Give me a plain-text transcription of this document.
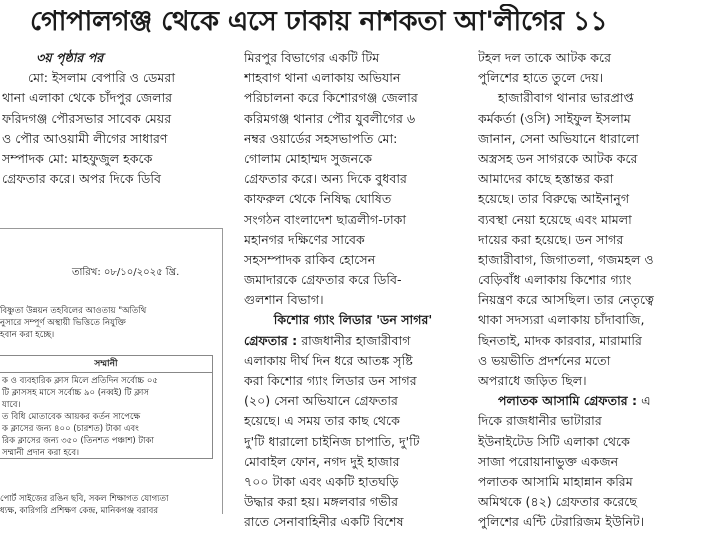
গোপালগঞ্জ থেকে এসে ঢাকায় নাশকতা আ'লীগের ১১
৩য় পৃষ্ঠার পর
মো: ইসলাম বেপারি ও ডেমরা
থানা এলাকা থেকে চাঁদপুর জেলার
ফরিদগঞ্জ পৌরসভার সাবেক মেয়র
ও পৌর আওয়ামী লীগের সাধারণ
সম্পাদক মো: মাহফুজুল হককে
গ্রেফতার করে। অপর দিকে ডিবি
তারিখ: ০৮/১০/২০২৫ খ্রি.
বিষ্ণুতা উন্নয়ন তহবিলের আওতায় "অতিথি
নুসারে সম্পূর্ণ অস্থায়ী ভিত্তিতে নিযুক্তি
হবান করা হচ্ছে।
সম্মানী
ক ও ব্যবহারিক ক্লাস মিলে প্রতিদিন সর্বোচ্চ ০৫
টি ক্লাসসহ মাসে সর্বোচ্চ ৯০ (নব্বই) টি ক্লাস
যাবে।
ত বিধি মোতাবেক আয়কর কর্তন সাপেক্ষে
ক ক্লাসের জন্য ৪০০ (চারশত) টাকা এবং
রিক ক্লাসের জন্য ৩৫০ (তিনশত পঞ্চাশ) টাকা
সম্মানী প্রদান করা হবে।
পোর্ট সাইজের রঙিন ছবি, সকল শিক্ষাগত যোগ্যতা
ধ্যক্ষ, কারিগরি প্রশিক্ষণ কেন্দ্র, মানিকগঞ্জ বরাবর
মিরপুর বিভাগের একটি টিম
শাহবাগ থানা এলাকায় অভিযান
পরিচালনা করে কিশোরগঞ্জ জেলার
করিমগঞ্জ থানার পৌর যুবলীগের ৬
নম্বর ওয়ার্ডের সহসভাপতি মো:
গোলাম মোহাম্মদ সুজনকে
গ্রেফতার করে। অন্য দিকে বুধবার
কাফরুল থেকে নিষিদ্ধ ঘোষিত
সংগঠন বাংলাদেশ ছাত্রলীগ-ঢাকা
মহানগর দক্ষিণের সাবেক
সহসম্পাদক রাকিব হোসেন
জমাদারকে গ্রেফতার করে ডিবি-
গুলশান বিভাগ।
কিশোর গ্যাং লিডার 'ডন সাগর'
গ্রেফতার : রাজধানীর হাজারীবাগ
এলাকায় দীর্ঘ দিন ধরে আতঙ্ক সৃষ্টি
করা কিশোর গ্যাং লিডার ডন সাগর
(২০) সেনা অভিযানে গ্রেফতার
হয়েছে। এ সময় তার কাছ থেকে
দু'টি ধারালো চাইনিজ চাপাতি, দু'টি
মোবাইল ফোন, নগদ দুই হাজার
৭০০ টাকা এবং একটি হাতঘড়ি
উদ্ধার করা হয়। মঙ্গলবার গভীর
রাতে সেনাবাহিনীর একটি বিশেষ
টহল দল তাকে আটক করে
পুলিশের হাতে তুলে দেয়।
হাজারীবাগ থানার ভারপ্রাপ্ত
কর্মকর্তা (ওসি) সাইফুল ইসলাম
জানান, সেনা অভিযানে ধারালো
অস্ত্রসহ ডন সাগরকে আটক করে
আমাদের কাছে হস্তান্তর করা
হয়েছে। তার বিরুদ্ধে আইনানুগ
ব্যবস্থা নেয়া হয়েছে এবং মামলা
দায়ের করা হয়েছে। ডন সাগর
হাজারীবাগ, জিগাতলা, গজমহল ও
বেড়িবাঁধ এলাকায় কিশোর গ্যাং
নিয়ন্ত্রণ করে আসছিল। তার নেতৃত্বে
থাকা সদস্যরা এলাকায় চাঁদাবাজি,
ছিনতাই, মাদক কারবার, মারামারি
ও ভয়ভীতি প্রদর্শনের মতো
অপরাধে জড়িত ছিল।
পলাতক আসামি গ্রেফতার : এ
দিকে রাজধানীর ভাটারার
ইউনাইটেড সিটি এলাকা থেকে
সাজা পরোয়ানাভুক্ত একজন
পলাতক আসামি মাহান্নান করিম
অমিথকে (৪২) গ্রেফতার করেছে
পুলিশের এন্টি টেরারিজম ইউনিট।
